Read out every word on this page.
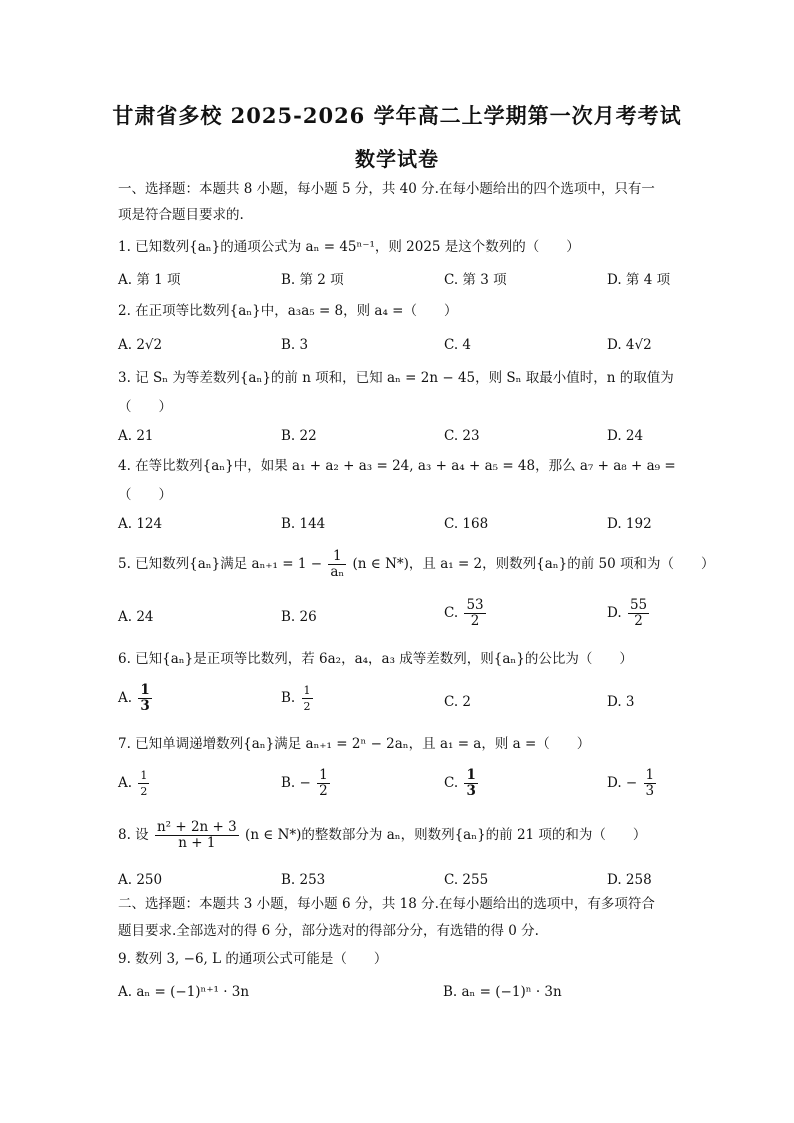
甘肃省多校 2025-2026 学年高二上学期第一次月考考试
数学试卷
一、选择题：本题共 8 小题，每小题 5 分，共 40 分.在每小题给出的四个选项中，只有一
项是符合题目要求的.
1. 已知数列{aₙ}的通项公式为 aₙ = 45ⁿ⁻¹，则 2025 是这个数列的（　　）
A. 第 1 项	B. 第 2 项	C. 第 3 项	D. 第 4 项
2. 在正项等比数列{aₙ}中，a₃a₅ = 8，则 a₄ =（　　）
A. 2√2	B. 3	C. 4	D. 4√2
3. 记 Sₙ 为等差数列{aₙ}的前 n 项和，已知 aₙ = 2n − 45，则 Sₙ 取最小值时，n 的取值为
（　　）
A. 21	B. 22	C. 23	D. 24
4. 在等比数列{aₙ}中，如果 a₁ + a₂ + a₃ = 24, a₃ + a₄ + a₅ = 48，那么 a₇ + a₈ + a₉ =
（　　）
A. 124	B. 144	C. 168	D. 192
5. 已知数列{aₙ}满足 $a_{n+1} = 1 - \frac{1}{\text{aₙ}} (n$ ∈ N*)，且 a₁ = 2，则数列{aₙ}的前 50 项和为（　　）
A. 24	B. 26	C. $\frac{53}{2}$	D. $\frac{55}{2}$
6. 已知{aₙ}是正项等比数列，若 6a₂，a₄，a₃ 成等差数列，则{aₙ}的公比为（　　）
A. $\frac{1}{3}$	B. $\frac{1}{2}$	C. 2	D. 3
7. 已知单调递增数列{aₙ}满足 aₙ₊₁ = 2ⁿ − 2aₙ，且 a₁ = a，则 a =（　　）
A. $\frac{1}{2}$	B. − $\frac{1}{2}$	C. $\frac{1}{3}$	D. − $\frac{1}{3}$
8. 设 $\frac{\text{n² + 2n + 3}}{n + 1} (n$ ∈ N*)的整数部分为 aₙ，则数列{aₙ}的前 21 项的和为（　　）
A. 250	B. 253	C. 255	D. 258
二、选择题：本题共 3 小题，每小题 6 分，共 18 分.在每小题给出的选项中，有多项符合
题目要求.全部选对的得 6 分，部分选对的得部分分，有选错的得 0 分.
9. 数列 3, −6, L 的通项公式可能是（　　）
A. aₙ = (−1)ⁿ⁺¹ · 3n	B. aₙ = (−1)ⁿ · 3n
